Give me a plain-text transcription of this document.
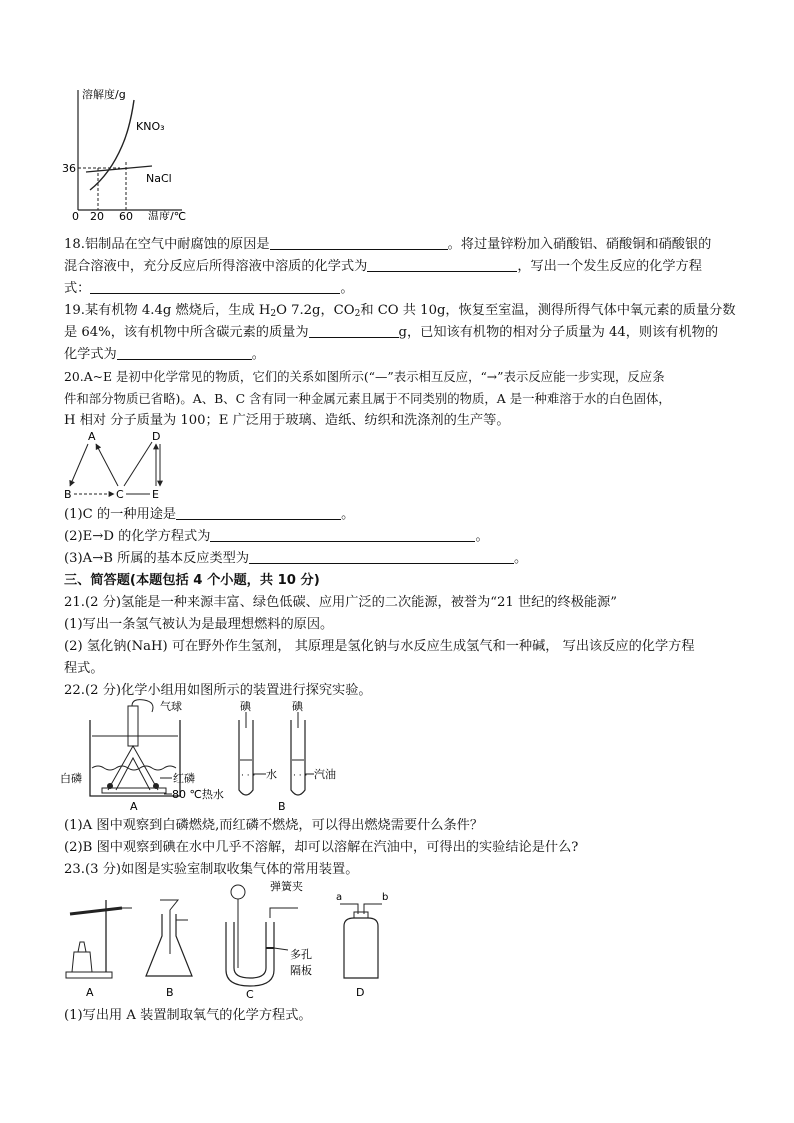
溶解度/g
36
KNO₃
NaCl
0 20 60 温度/℃
18.铝制品在空气中耐腐蚀的原因是	。将过量锌粉加入硝酸铝、硝酸铜和硝酸银的
混合溶液中，充分反应后所得溶液中溶质的化学式为	，写出一个发生反应的化学方程
式：	。
19.某有机物 4.4g 燃烧后，生成 $H_2O$ 7.2g，$CO_2$和 CO 共 10g，恢复至室温，测得所得气体中氧元素的质量分数
是 64%，该有机物中所含碳元素的质量为	g，已知该有机物的相对分子质量为 44，则该有机物的
化学式为	。
20.A~E 是初中化学常见的物质，它们的关系如图所示(“—”表示相互反应，“→”表示反应能一步实现，反应条
件和部分物质已省略)。A、B、C 含有同一种金属元素且属于不同类别的物质，A 是一种难溶于水的白色固体，
H 相对 分子质量为 100；E 广泛用于玻璃、造纸、纺织和洗涤剂的生产等。
A
B	C
D
E
(1)C 的一种用途是	。
(2)E→D 的化学方程式为	。
(3)A→B 所属的基本反应类型为	。
三、简答题(本题包括 4 个小题，共 10 分)
21.(2 分)氢能是一种来源丰富、绿色低碳、应用广泛的二次能源，被誉为“21 世纪的终极能源”
(1)写出一条氢气被认为是最理想燃料的原因。
(2) 氢化钠(NaH) 可在野外作生氢剂， 其原理是氢化钠与水反应生成氢气和一种碱， 写出该反应的化学方程
程式。
22.(2 分)化学小组用如图所示的装置进行探究实验。
气球
白磷	红磷
80 ℃热水
A
碘	碘
· · ·	· · ·
水	汽油
B
(1)A 图中观察到白磷燃烧,而红磷不燃烧，可以得出燃烧需要什么条件？
(2)B 图中观察到碘在水中几乎不溶解，却可以溶解在汽油中，可得出的实验结论是什么?
23.(3 分)如图是实验室制取收集气体的常用装置。
A	B
弹簧夹
多孔
隔板
C
a	b
D
(1)写出用 A 装置制取氧气的化学方程式。
